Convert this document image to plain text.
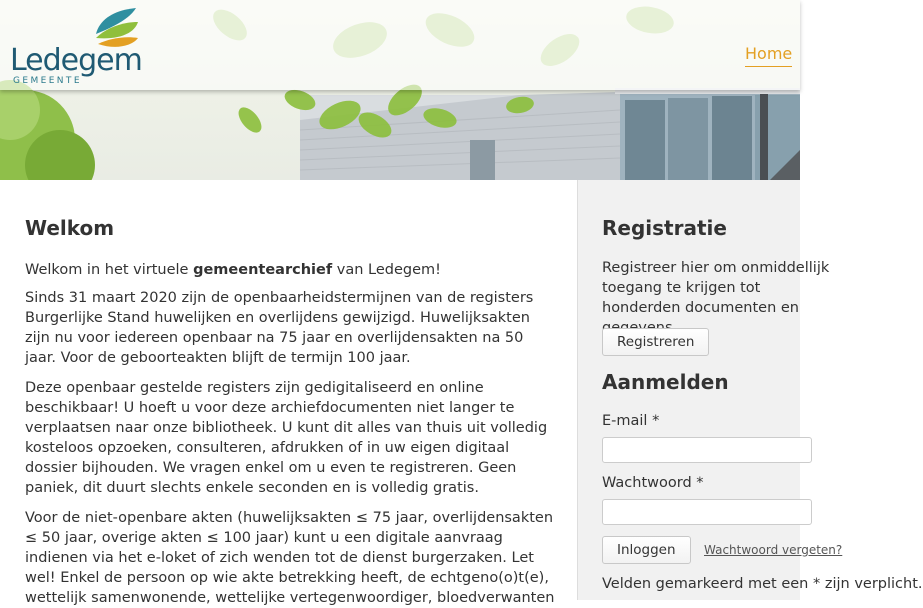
Ledegem
GEMEENTE
Home
Welkom

Welkom in het virtuele gemeentearchief van Ledegem!

Sinds 31 maart 2020 zijn de openbaarheidstermijnen van de registers Burgerlijke Stand huwelijken en overlijdens gewijzigd. Huwelijksakten zijn nu voor iedereen openbaar na 75 jaar en overlijdensakten na 50 jaar. Voor de geboorteakten blijft de termijn 100 jaar.

Deze openbaar gestelde registers zijn gedigitaliseerd en online beschikbaar! U hoeft u voor deze archiefdocumenten niet langer te verplaatsen naar onze bibliotheek. U kunt dit alles van thuis uit volledig kosteloos opzoeken, consulteren, afdrukken of in uw eigen digitaal dossier bijhouden. We vragen enkel om u even te registreren. Geen paniek, dit duurt slechts enkele seconden en is volledig gratis.

Voor de niet-openbare akten (huwelijksakten ≤ 75 jaar, overlijdensakten ≤ 50 jaar, overige akten ≤ 100 jaar) kunt u een digitale aanvraag indienen via het e-loket of zich wenden tot de dienst burgerzaken. Let wel! Enkel de persoon op wie akte betrekking heeft, de echtgeno(o)t(e), wettelijk samenwonende, wettelijke vertegenwoordiger, bloedverwanten

Registratie
Registreer hier om onmiddellijk toegang te krijgen tot honderden documenten en
Registreren
Aanmelden
E-mail *
Wachtwoord *
Inloggen	Wachtwoord vergeten?
Velden gemarkeerd met een * zijn verplicht.
